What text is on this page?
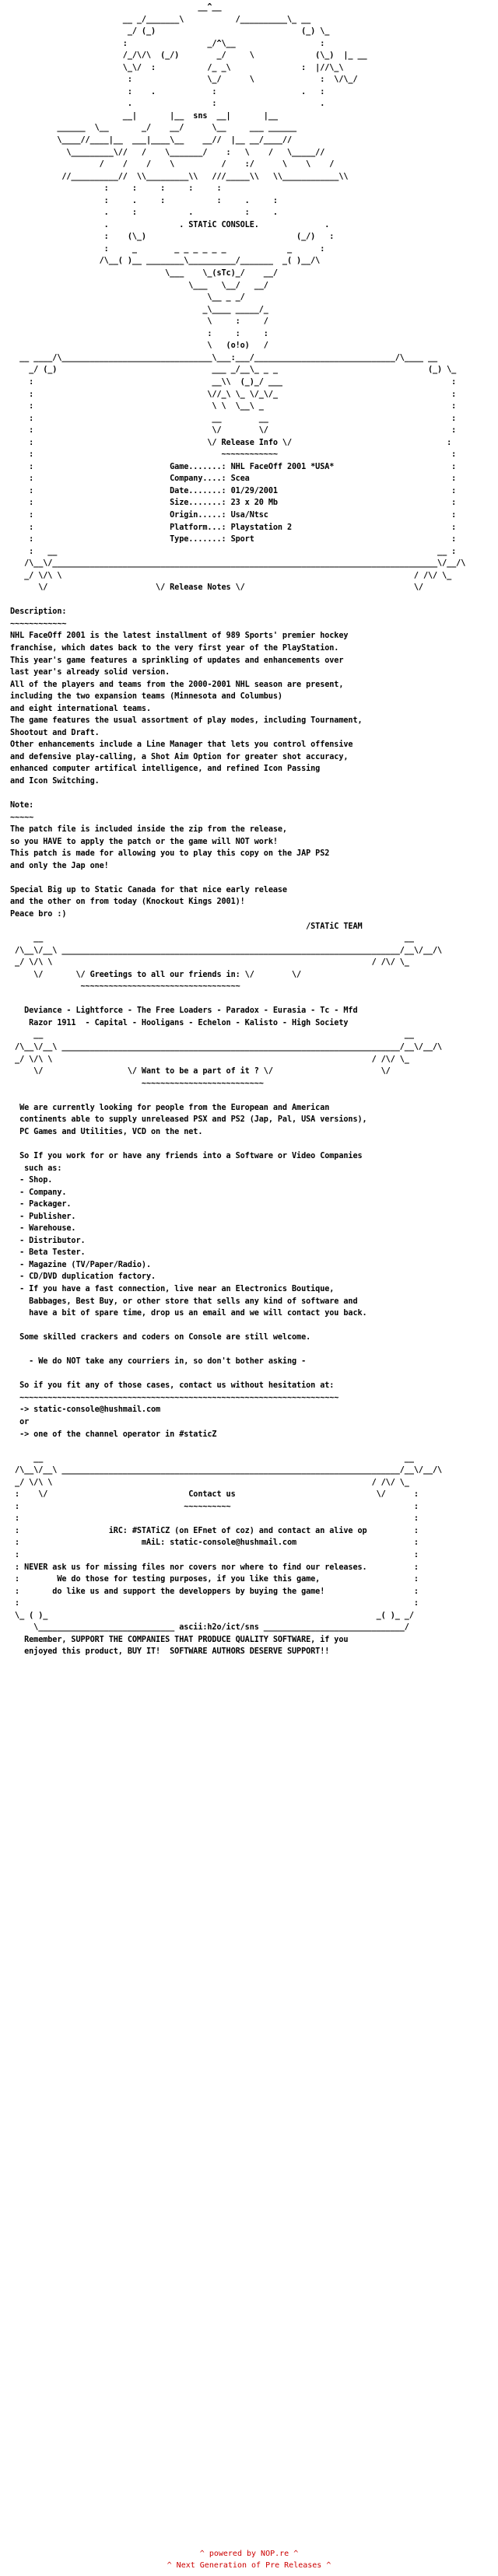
__^__
__ _/_______\           /__________\_ __
_/ (_)                               (_) \_
:                 _/^\__                  :
/_/\/\  (_/)        _/     \             (\_)  |_ __
\_\/  :           /_ _\               :  |//\_\
:                \_/      \              :  \/\_/
:    .            :                  .   :
.                 :                      .
__|       |__  sns  __|       |__
______  \__       _/    __/      \__     ___ ______
\____//____|__  ___|____\__    __//  |__ __/____//
\_________\//   /    \_______/    :   \    /   \_____//
/    /    /    \          /    :/      \    \    /
//__________//  \\_________\\   ///_____\\   \\____________\\
:     :     :     :     :
:     .     :           :     .     :
.     :           .           :     .
.               . STATiC CONSOLE.              .
:    (\_)                                (_/)   :
:     _        _ _ _ _ _ _             _      :
/\__( )__ ________\__________/_______  _( )__/\
\___    \_(sTc)_/    __/
\___   \__/   __/
\__ _ _/
_\____ _____/_
\     :     /
:     :     :
\   (o!o)   /
__ ____/\________________________________\___:___/______________________________/\____ __
_/ (_)                                 ___ _/__\_ _ _                                (_) \_
:                                      __\\  (_)_/ ___                                    :
:                                     \//_\ \_ \/_\/_                                     :
:                                      \ \  \__\ _                                        :
:                                      __        __                                       :
:                                      \/        \/                                       :
:                                     \/ Release Info \/                                 :
:                                        ~~~~~~~~~~~~                                     :
:                             Game.......: NHL FaceOff 2001 *USA*                         :
:                             Company....: Scea                                           :
:                             Date.......: 01/29/2001                                     :
:                             Size.......: 23 x 20 Mb                                     :
:                             Origin.....: Usa/Ntsc                                       :
:                             Platform...: Playstation 2                                  :
:                             Type.......: Sport                                          :
:   __                                                                                 __ :
/\__\/__________________________________________________________________________________\/__/\
_/ \/\ \                                                                           / /\/ \_
\/                       \/ Release Notes \/                                    \/

Description:
~~~~~~~~~~~~
NHL FaceOff 2001 is the latest installment of 989 Sports' premier hockey
franchise, which dates back to the very first year of the PlayStation.
This year's game features a sprinkling of updates and enhancements over
last year's already solid version.
All of the players and teams from the 2000-2001 NHL season are present,
including the two expansion teams (Minnesota and Columbus)
and eight international teams.
The game features the usual assortment of play modes, including Tournament,
Shootout and Draft.
Other enhancements include a Line Manager that lets you control offensive
and defensive play-calling, a Shot Aim Option for greater shot accuracy,
enhanced computer artifical intelligence, and refined Icon Passing
and Icon Switching.

Note:
~~~~~
The patch file is included inside the zip from the release,
so you HAVE to apply the patch or the game will NOT work!
This patch is made for allowing you to play this copy on the JAP PS2
and only the Jap one!

Special Big up to Static Canada for that nice early release
and the other on from today (Knockout Kings 2001)!
Peace bro :)
/STATiC TEAM
__                                                                             __
/\__\/__\ ________________________________________________________________________/__\/__/\
_/ \/\ \                                                                    / /\/ \_
\/       \/ Greetings to all our friends in: \/        \/
~~~~~~~~~~~~~~~~~~~~~~~~~~~~~~~~~~

Deviance - Lightforce - The Free Loaders - Paradox - Eurasia - Tc - Mfd
Razor 1911  - Capital - Hooligans - Echelon - Kalisto - High Society
__                                                                             __
/\__\/__\ ________________________________________________________________________/__\/__/\
_/ \/\ \                                                                    / /\/ \_
\/                  \/ Want to be a part of it ? \/                       \/
~~~~~~~~~~~~~~~~~~~~~~~~~~

We are currently looking for people from the European and American
continents able to supply unreleased PSX and PS2 (Jap, Pal, USA versions),
PC Games and Utilities, VCD on the net.

So If you work for or have any friends into a Software or Video Companies
such as:
- Shop.
- Company.
- Packager.
- Publisher.
- Warehouse.
- Distributor.
- Beta Tester.
- Magazine (TV/Paper/Radio).
- CD/DVD duplication factory.
- If you have a fast connection, live near an Electronics Boutique,
Babbages, Best Buy, or other store that sells any kind of software and
have a bit of spare time, drop us an email and we will contact you back.

Some skilled crackers and coders on Console are still welcome.

- We do NOT take any courriers in, so don't bother asking -

So if you fit any of those cases, contact us without hesitation at:
~~~~~~~~~~~~~~~~~~~~~~~~~~~~~~~~~~~~~~~~~~~~~~~~~~~~~~~~~~~~~~~~~~~~
-> static-console@hushmail.com
or
-> one of the channel operator in #staticZ

__                                                                             __
/\__\/__\ ________________________________________________________________________/__\/__/\
_/ \/\ \                                                                    / /\/ \_
:    \/                              Contact us                              \/      :
:                                   ~~~~~~~~~~                                       :
:                                                                                    :
:                   iRC: #STATiCZ (on EFnet of coz) and contact an alive op          :
:                          mAiL: static-console@hushmail.com                         :
:                                                                                    :
: NEVER ask us for missing files nor covers nor where to find our releases.          :
:        We do those for testing purposes, if you like this game,                    :
:       do like us and support the developpers by buying the game!                   :
:                                                                                    :
\_ ( )_                                                                      _( )_ _/
\_____________________________ ascii:h2o/ict/sns ______________________________/
Remember, SUPPORT THE COMPANIES THAT PRODUCE QUALITY SOFTWARE, if you
enjoyed this product, BUY IT!  SOFTWARE AUTHORS DESERVE SUPPORT!!
^ powered by NOP.re ^
^ Next Generation of Pre Releases ^
